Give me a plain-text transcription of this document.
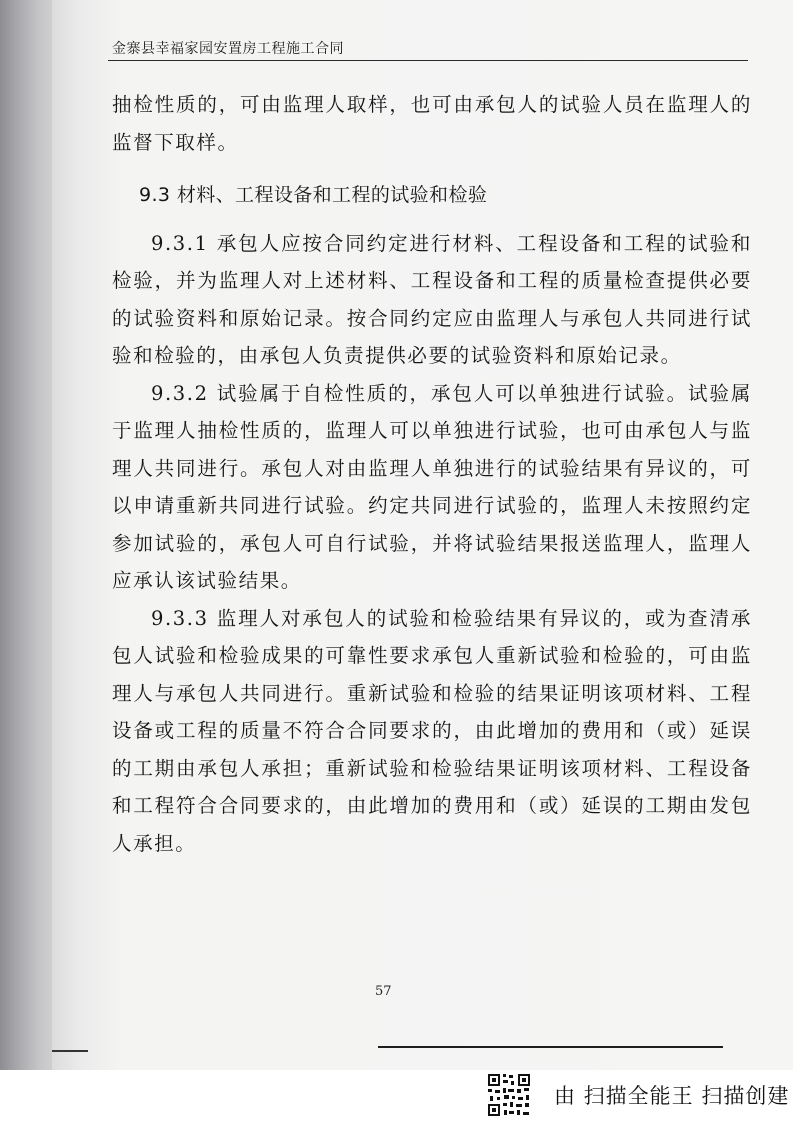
金寨县幸福家园安置房工程施工合同

抽检性质的，可由监理人取样，也可由承包人的试验人员在监理人的监督下取样。

9.3 材料、工程设备和工程的试验和检验

9.3.1 承包人应按合同约定进行材料、工程设备和工程的试验和检验，并为监理人对上述材料、工程设备和工程的质量检查提供必要的试验资料和原始记录。按合同约定应由监理人与承包人共同进行试验和检验的，由承包人负责提供必要的试验资料和原始记录。

9.3.2 试验属于自检性质的，承包人可以单独进行试验。试验属于监理人抽检性质的，监理人可以单独进行试验，也可由承包人与监理人共同进行。承包人对由监理人单独进行的试验结果有异议的，可以申请重新共同进行试验。约定共同进行试验的，监理人未按照约定参加试验的，承包人可自行试验，并将试验结果报送监理人，监理人应承认该试验结果。

9.3.3 监理人对承包人的试验和检验结果有异议的，或为查清承包人试验和检验成果的可靠性要求承包人重新试验和检验的，可由监理人与承包人共同进行。重新试验和检验的结果证明该项材料、工程设备或工程的质量不符合合同要求的，由此增加的费用和（或）延误的工期由承包人承担；重新试验和检验结果证明该项材料、工程设备和工程符合合同要求的，由此增加的费用和（或）延误的工期由发包人承担。

57
由 扫描全能王 扫描创建
